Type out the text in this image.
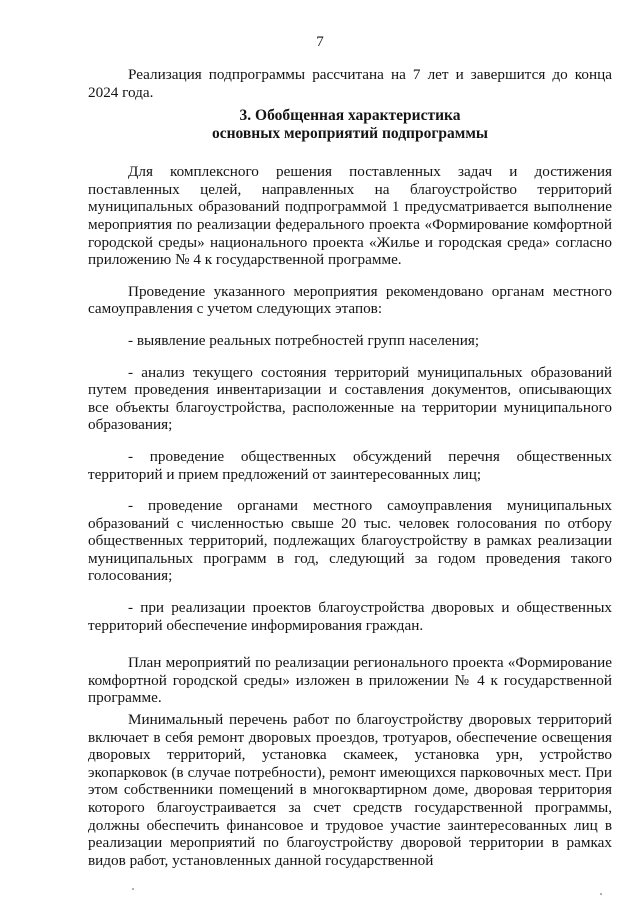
7

Реализация подпрограммы рассчитана на 7 лет и завершится до конца 2024 года.

3. Обобщенная характеристика
основных мероприятий подпрограммы

Для комплексного решения поставленных задач и достижения поставленных целей, направленных на благоустройство территорий муниципальных образований подпрограммой 1 предусматривается выполнение мероприятия по реализации федерального проекта «Формирование комфортной городской среды» национального проекта «Жилье и городская среда» согласно приложению № 4 к государственной программе.

Проведение указанного мероприятия рекомендовано органам местного самоуправления с учетом следующих этапов:

- выявление реальных потребностей групп населения;

- анализ текущего состояния территорий муниципальных образований путем проведения инвентаризации и составления документов, описывающих все объекты благоустройства, расположенные на территории муниципального образования;

- проведение общественных обсуждений перечня общественных территорий и прием предложений от заинтересованных лиц;

- проведение органами местного самоуправления муниципальных образований с численностью свыше 20 тыс. человек голосования по отбору общественных территорий, подлежащих благоустройству в рамках реализации муниципальных программ в год, следующий за годом проведения такого голосования;

- при реализации проектов благоустройства дворовых и общественных территорий обеспечение информирования граждан.

План мероприятий по реализации регионального проекта «Формирование комфортной городской среды» изложен в приложении № 4 к государственной программе.

Минимальный перечень работ по благоустройству дворовых территорий включает в себя ремонт дворовых проездов, тротуаров, обеспечение освещения дворовых территорий, установка скамеек, установка урн, устройство экопарковок (в случае потребности), ремонт имеющихся парковочных мест. При этом собственники помещений в многоквартирном доме, дворовая территория которого благоустраивается за счет средств государственной программы, должны обеспечить финансовое и трудовое участие заинтересованных лиц в реализации мероприятий по благоустройству дворовой территории в рамках видов работ, установленных данной государственной
